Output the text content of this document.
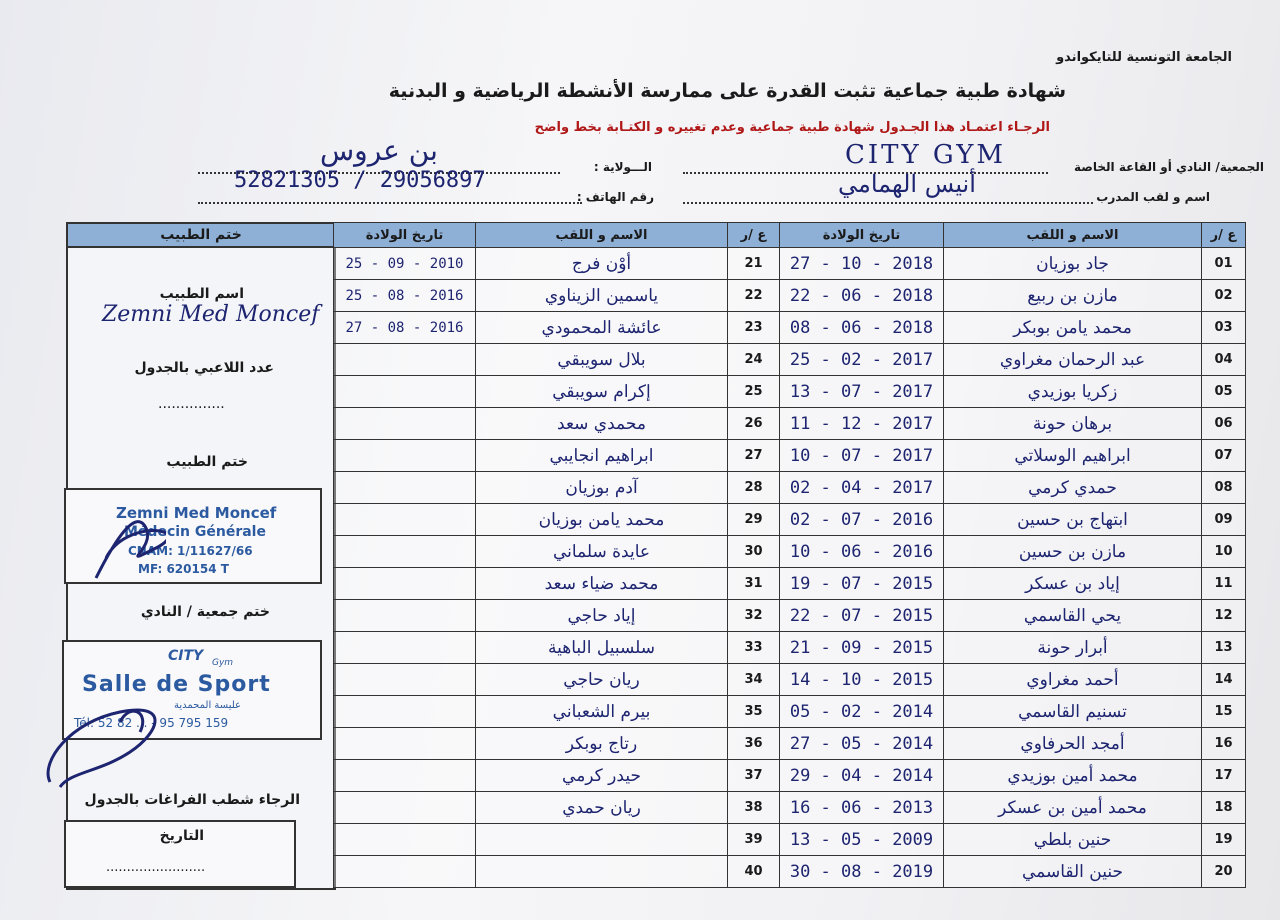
الجامعة التونسية للتايكواندو
شهادة طبية جماعية تثبت القدرة على ممارسة الأنشطة الرياضية و البدنية
الرجـاء اعتمـاد هذا الجـدول شهادة طبية جماعية وعدم تغييره و الكتـابة بخط واضح
الجمعية/ النادي أو القاعة الخاصة
CITY GYM
الـــولاية :
بن عروس
اسم و لقب المدرب
أنيس الهمامي
رقم الهاتف :
52821305 / 29056897
ختم الطبيب
اسم الطبيب
Zemni Med Moncef
عدد اللاعبي بالجدول
...............
ختم الطبيب
Zemni Med Moncef
Médecin Générale
CNAM: 1/11627/66
MF: 620154 T
ختم جمعية / النادي
CITY Gym
Salle de Sport
عليسة المحمدية
Tél: 52 82 ... - 95 795 159
الرجاء شطب الفراغات بالجدول
التاريخ
........................
ع /ر	الاسم و اللقب	تاريخ الولادة	ع /ر	الاسم و اللقب	تاريخ الولادة
01	جاد بوزيان	27 - 10 - 2018	21	أوْن فرج	25 - 09 - 2010
02	مازن بن ربيع	22 - 06 - 2018	22	ياسمين الزيناوي	25 - 08 - 2016
03	محمد يامن بوبكر	08 - 06 - 2018	23	عائشة المحمودي	27 - 08 - 2016
04	عبد الرحمان مغراوي	25 - 02 - 2017	24	بلال سويبقي	
05	زكريا بوزيدي	13 - 07 - 2017	25	إكرام سويبقي	
06	برهان حونة	11 - 12 - 2017	26	محمدي سعد	
07	ابراهيم الوسلاتي	10 - 07 - 2017	27	ابراهيم انجايبي	
08	حمدي كرمي	02 - 04 - 2017	28	آدم بوزيان	
09	ابتهاج بن حسين	02 - 07 - 2016	29	محمد يامن بوزيان	
10	مازن بن حسين	10 - 06 - 2016	30	عايدة سلماني	
11	إياد بن عسكر	19 - 07 - 2015	31	محمد ضياء سعد	
12	يحي القاسمي	22 - 07 - 2015	32	إياد حاجي	
13	أبرار حونة	21 - 09 - 2015	33	سلسبيل الباهية	
14	أحمد مغراوي	14 - 10 - 2015	34	ريان حاجي	
15	تسنيم القاسمي	05 - 02 - 2014	35	بيرم الشعباني	
16	أمجد الحرفاوي	27 - 05 - 2014	36	رتاج بوبكر	
17	محمد أمين بوزيدي	29 - 04 - 2014	37	حيدر كرمي	
18	محمد أمين بن عسكر	16 - 06 - 2013	38	ريان حمدي	
19	حنين بلطي	13 - 05 - 2009	39		
20	حنين القاسمي	30 - 08 - 2019	40		
